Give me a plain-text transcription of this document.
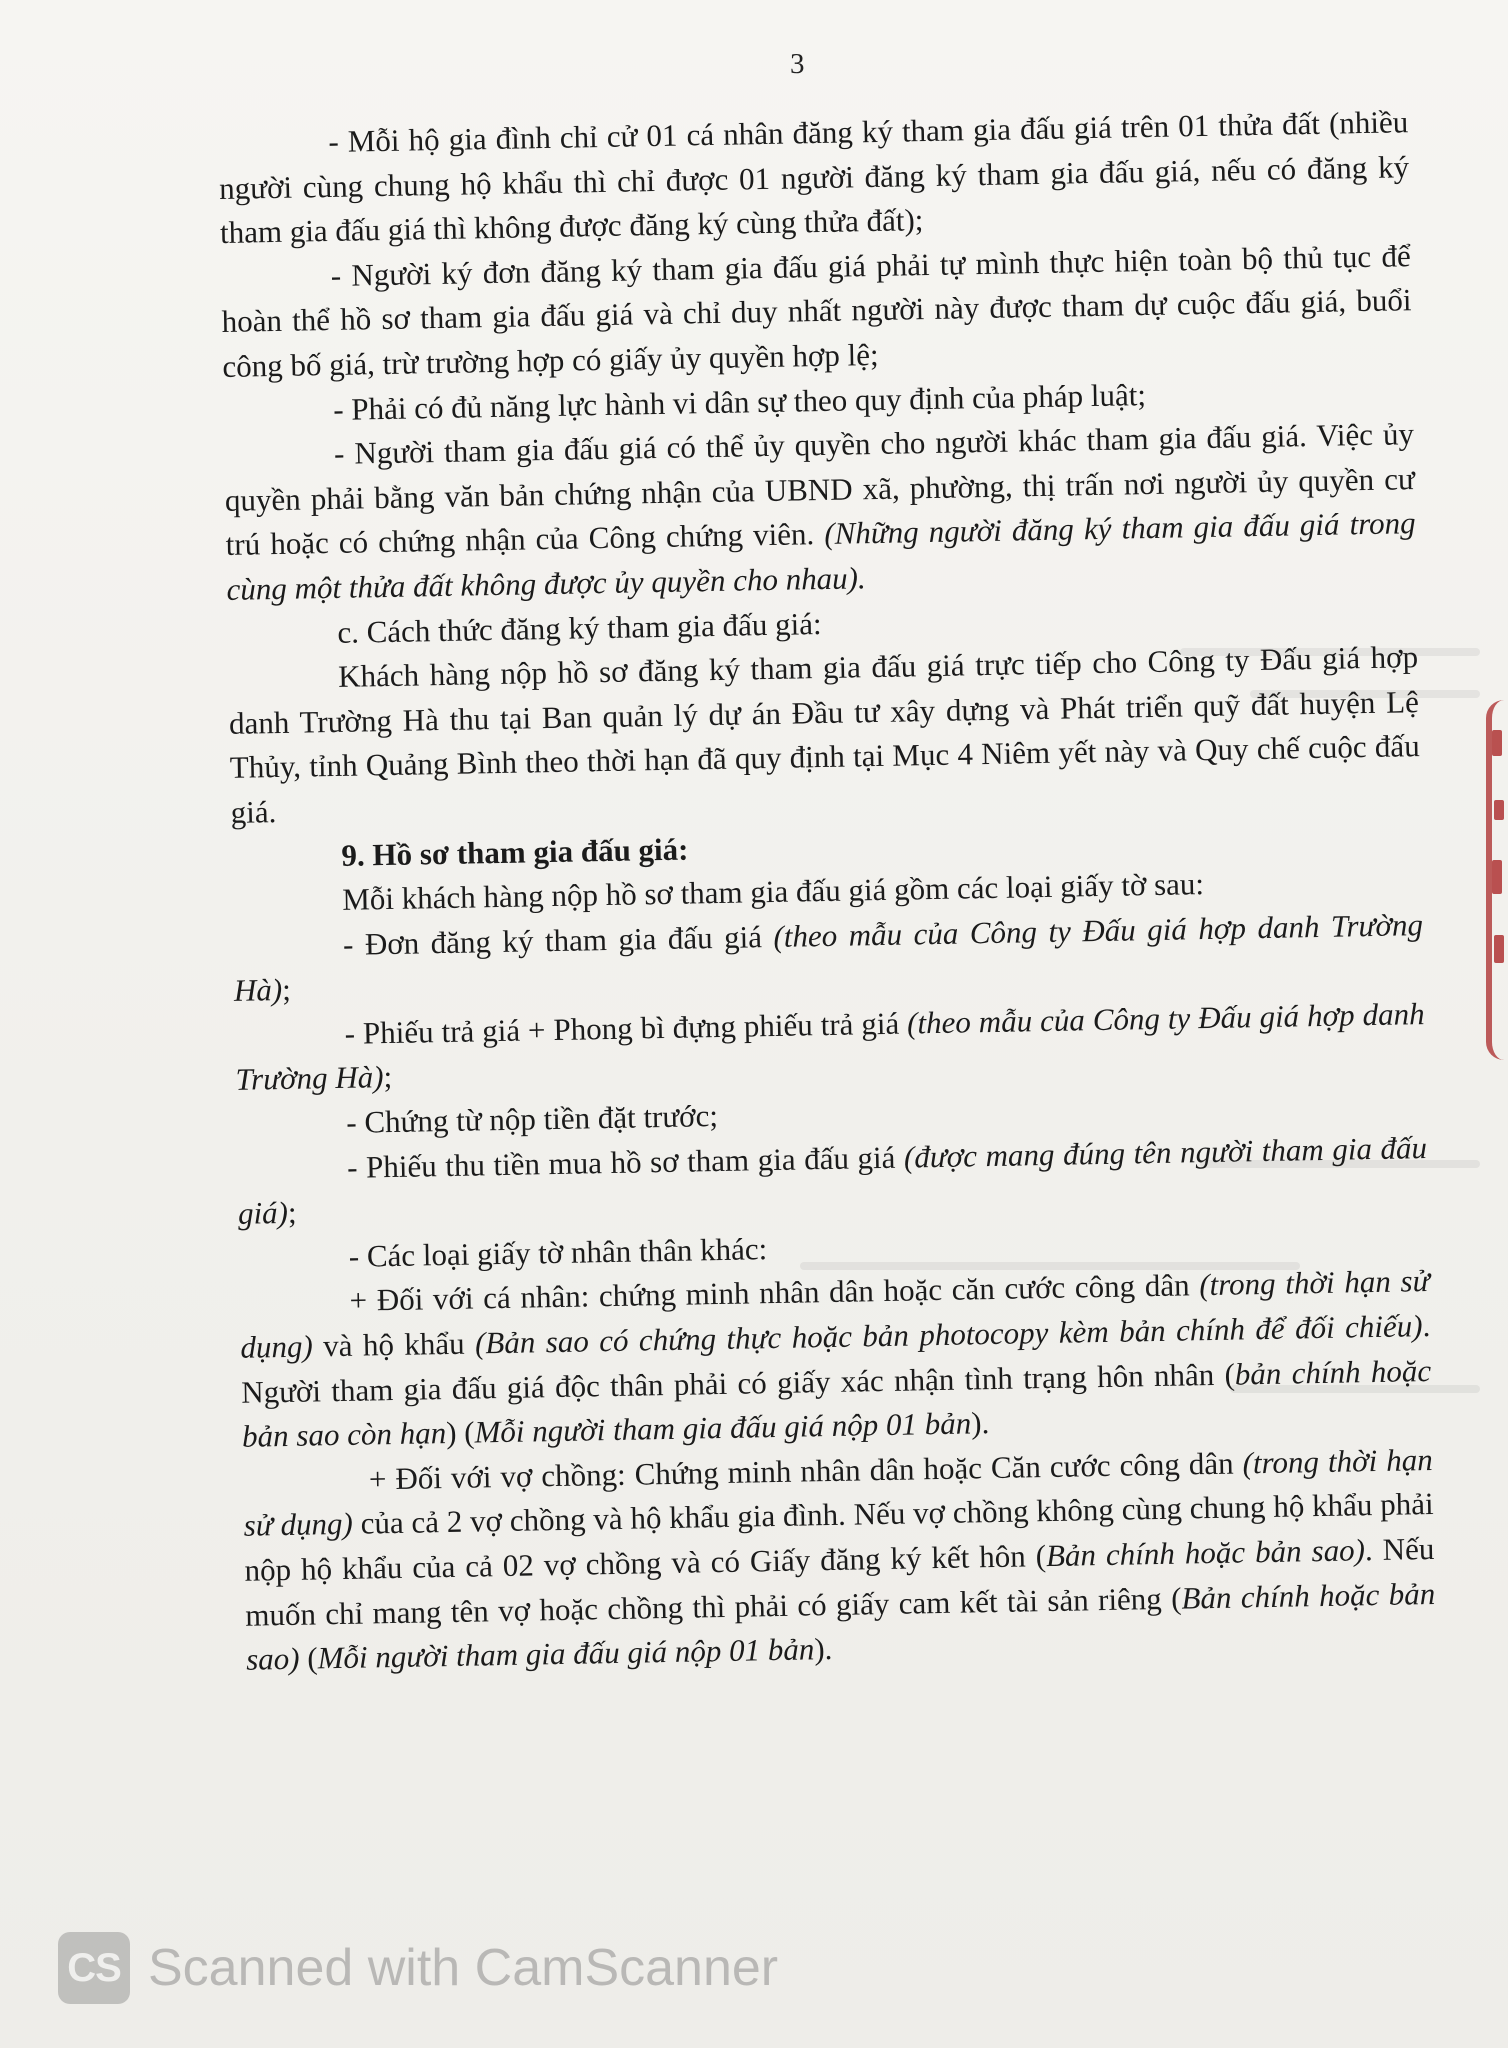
3

- Mỗi hộ gia đình chỉ cử 01 cá nhân đăng ký tham gia đấu giá trên 01 thửa đất (nhiều người cùng chung hộ khẩu thì chỉ được 01 người đăng ký tham gia đấu giá, nếu có đăng ký tham gia đấu giá thì không được đăng ký cùng thửa đất);

- Người ký đơn đăng ký tham gia đấu giá phải tự mình thực hiện toàn bộ thủ tục để hoàn thể hồ sơ tham gia đấu giá và chỉ duy nhất người này được tham dự cuộc đấu giá, buổi công bố giá, trừ trường hợp có giấy ủy quyền hợp lệ;

- Phải có đủ năng lực hành vi dân sự theo quy định của pháp luật;

- Người tham gia đấu giá có thể ủy quyền cho người khác tham gia đấu giá. Việc ủy quyền phải bằng văn bản chứng nhận của UBND xã, phường, thị trấn nơi người ủy quyền cư trú hoặc có chứng nhận của Công chứng viên. (Những người đăng ký tham gia đấu giá trong cùng một thửa đất không được ủy quyền cho nhau).

c. Cách thức đăng ký tham gia đấu giá:

Khách hàng nộp hồ sơ đăng ký tham gia đấu giá trực tiếp cho Công ty Đấu giá hợp danh Trường Hà thu tại Ban quản lý dự án Đầu tư xây dựng và Phát triển quỹ đất huyện Lệ Thủy, tỉnh Quảng Bình theo thời hạn đã quy định tại Mục 4 Niêm yết này và Quy chế cuộc đấu giá.

9. Hồ sơ tham gia đấu giá:

Mỗi khách hàng nộp hồ sơ tham gia đấu giá gồm các loại giấy tờ sau:

- Đơn đăng ký tham gia đấu giá (theo mẫu của Công ty Đấu giá hợp danh Trường Hà);

- Phiếu trả giá + Phong bì đựng phiếu trả giá (theo mẫu của Công ty Đấu giá hợp danh Trường Hà);

- Chứng từ nộp tiền đặt trước;

- Phiếu thu tiền mua hồ sơ tham gia đấu giá (được mang đúng tên người tham gia đấu giá);

- Các loại giấy tờ nhân thân khác:

+ Đối với cá nhân: chứng minh nhân dân hoặc căn cước công dân (trong thời hạn sử dụng) và hộ khẩu (Bản sao có chứng thực hoặc bản photocopy kèm bản chính để đối chiếu). Người tham gia đấu giá độc thân phải có giấy xác nhận tình trạng hôn nhân (bản chính hoặc bản sao còn hạn) (Mỗi người tham gia đấu giá nộp 01 bản).

+ Đối với vợ chồng: Chứng minh nhân dân hoặc Căn cước công dân (trong thời hạn sử dụng) của cả 2 vợ chồng và hộ khẩu gia đình. Nếu vợ chồng không cùng chung hộ khẩu phải nộp hộ khẩu của cả 02 vợ chồng và có Giấy đăng ký kết hôn (Bản chính hoặc bản sao). Nếu muốn chỉ mang tên vợ hoặc chồng thì phải có giấy cam kết tài sản riêng (Bản chính hoặc bản sao) (Mỗi người tham gia đấu giá nộp 01 bản).

CS Scanned with CamScanner
